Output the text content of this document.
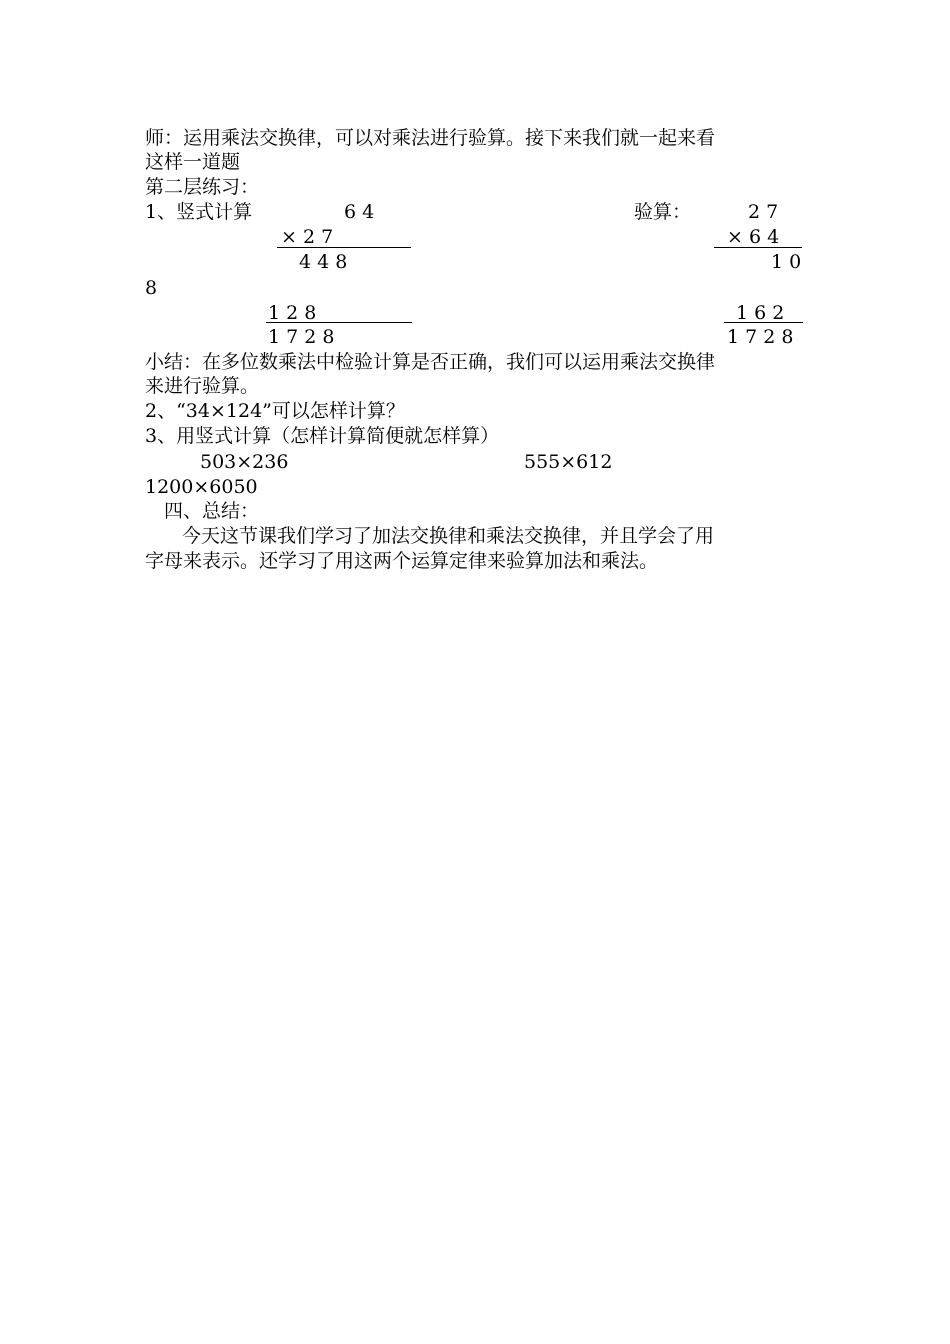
师：运用乘法交换律，可以对乘法进行验算。接下来我们就一起来看
这样一道题
第二层练习：
1、竖式计算	6 4	验算：	2 7
× 2 7	× 6 4
4 4 8	1 0
8
1 2 8	1 6 2
1 7 2 8	1 7 2 8
小结：在多位数乘法中检验计算是否正确，我们可以运用乘法交换律
来进行验算。
2、“34×124”可以怎样计算？
3、用竖式计算（怎样计算简便就怎样算）
503×236	555×612
1200×6050
四、总结：
今天这节课我们学习了加法交换律和乘法交换律，并且学会了用
字母来表示。还学习了用这两个运算定律来验算加法和乘法。
